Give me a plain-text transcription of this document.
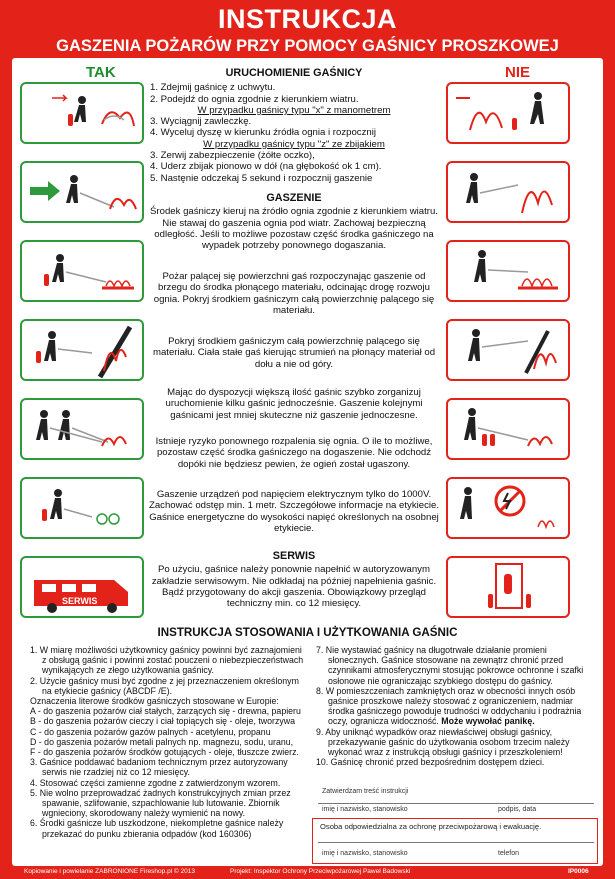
INSTRUKCJA
GASZENIA POŻARÓW PRZY POMOCY GAŚNICY PROSZKOWEJ
TAK	NIE
SERWIS
URUCHOMIENIE GAŚNICY
1. Zdejmij gaśnicę z uchwytu.
2. Podejdź do ognia zgodnie z kierunkiem wiatru.
W przypadku gaśnicy typu "x" z manometrem
3. Wyciągnij zawleczkę.
4. Wyceluj dyszę w kierunku źródła ognia i rozpocznij
W przypadku gaśnicy typu "z" ze zbijakiem
3. Zerwij zabezpieczenie (żółte oczko),
4. Uderz zbijak pionowo w dół (na głębokość ok 1 cm).
5. Nastęnie odczekaj 5 sekund i rozpocznij gaszenie
GASZENIE
Środek gaśniczy kieruj na źródło ognia zgodnie z kierunkiem wiatru. Nie stawaj do gaszenia ognia pod wiatr. Zachowaj bezpieczną odległość. Jeśli to możliwe pozostaw część środka gaśniczego na wypadek potrzeby ponownego dogaszania.
Pożar palącej się powierzchni gaś rozpoczynając gaszenie od brzegu do środka płonącego materiału, odcinając drogę rozwoju ognia. Pokryj środkiem gaśniczym całą powierzchnię palącego się materiału.
Pokryj środkiem gaśniczym całą powierzchnię palącego się materiału. Ciała stałe gaś kierując strumień na płonący materiał od dołu a nie od góry.
Mając do dyspozycji większą ilość gaśnic szybko zorganizuj uruchomienie kilku gaśnic jednocześnie. Gaszenie kolejnymi gaśnicami jest mniej skuteczne niż gaszenie jednoczesne.
Istnieje ryzyko ponownego rozpalenia się ognia. O ile to możliwe, pozostaw część środka gaśniczego na dogaszenie. Nie odchodź dopóki nie będziesz pewien, że ogień został ugaszony.
Gaszenie urządzeń pod napięciem elektrycznym tylko do 1000V. Zachować odstęp min. 1 metr. Szczegółowe informacje na etykiecie. Gaśnice energetyczne do wysokości napięć określonych na osobnej etykiecie.
SERWIS
Po użyciu, gaśnice należy ponownie napełnić w autoryzowanym zakładzie serwisowym. Nie odkładaj na później napełnienia gaśnic. Bądź przygotowany do akcji gaszenia. Obowiązkowy przegląd techniczny min. co 12 miesięcy.
INSTRUKCJA STOSOWANIA I UŻYTKOWANIA GAŚNIC
1. W miarę możliwości użytkownicy gaśnicy powinni być zaznajomieni z obsługą gaśnic i powinni zostać pouczeni o niebezpieczeństwach wynikających ze złego użytkowania gaśnicy.
2. Użycie gaśnicy musi być zgodne z jej przeznaczeniem określonym na etykiecie gaśnicy (ABCDF /E).
Oznaczenia literowe środków gaśniczych stosowane w Europie:
A - do gaszenia pożarów ciał stałych, żarzących się - drewna, papieru
B - do gaszenia pożarów cieczy i ciał topiących się - oleje, tworzywa
C - do gaszenia pożarów gazów palnych - acetylenu, propanu
D - do gaszenia pożarów metali palnych np. magnezu, sodu, uranu,
F - do gaszenia pożarów środków gotujących - oleje, tłuszcze zwierz.
3. Gaśnice poddawać badaniom technicznym przez autoryzowany serwis nie rzadziej niż co 12 miesięcy.
4. Stosować części zamienne zgodne z zatwierdzonym wzorem.
5. Nie wolno przeprowadzać żadnych konstrukcyjnych zmian przez spawanie, szlifowanie, szpachlowanie lub lutowanie. Zbiornik wgnieciony, skorodowany należy wymienić na nowy.
6. Środki gaśnicze lub uszkodzone, niekompletne gaśnice należy przekazać do punku zbierania odpadów (kod 160306)
7. Nie wystawiać gaśnicy na długotrwałe działanie promieni słonecznych. Gaśnice stosowane na zewnątrz chronić przed czynnikami atmosferycznymi stosując pokrowce ochronne i szafki osłonowe nie ograniczając szybkiego dostępu do gaśnicy.
8. W pomieszczeniach zamkniętych oraz w obecności innych osób gaśnice proszkowe należy stosować z ograniczeniem, nadmiar środka gaśniczego powoduje trudności w oddychaniu i podrażnia oczy, ogranicza widoczność. Może wywołać panikę.
9. Aby uniknąć wypadków oraz niewłaściwej obsługi gaśnicy, przekazywanie gaśnic do użytkowania osobom trzecim należy wykonać wraz z instrukcją obsługi gaśnicy i przeszkoleniem!
10. Gaśnicę chronić przed bezpośrednim dostępem dzieci.
Zatwierdzam treść instrukcji
imię i nazwisko, stanowisko	podpis, data
Osoba odpowiedzialna za ochronę przeciwpożarową i ewakuację.
imię i nazwisko, stanowisko	telefon
Kopiowanie i powielanie ZABRONIONE Fireshop.pl © 2013	Projekt: Inspektor Ochrony Przeciwpożarowej Paweł Badowski	IP0006
